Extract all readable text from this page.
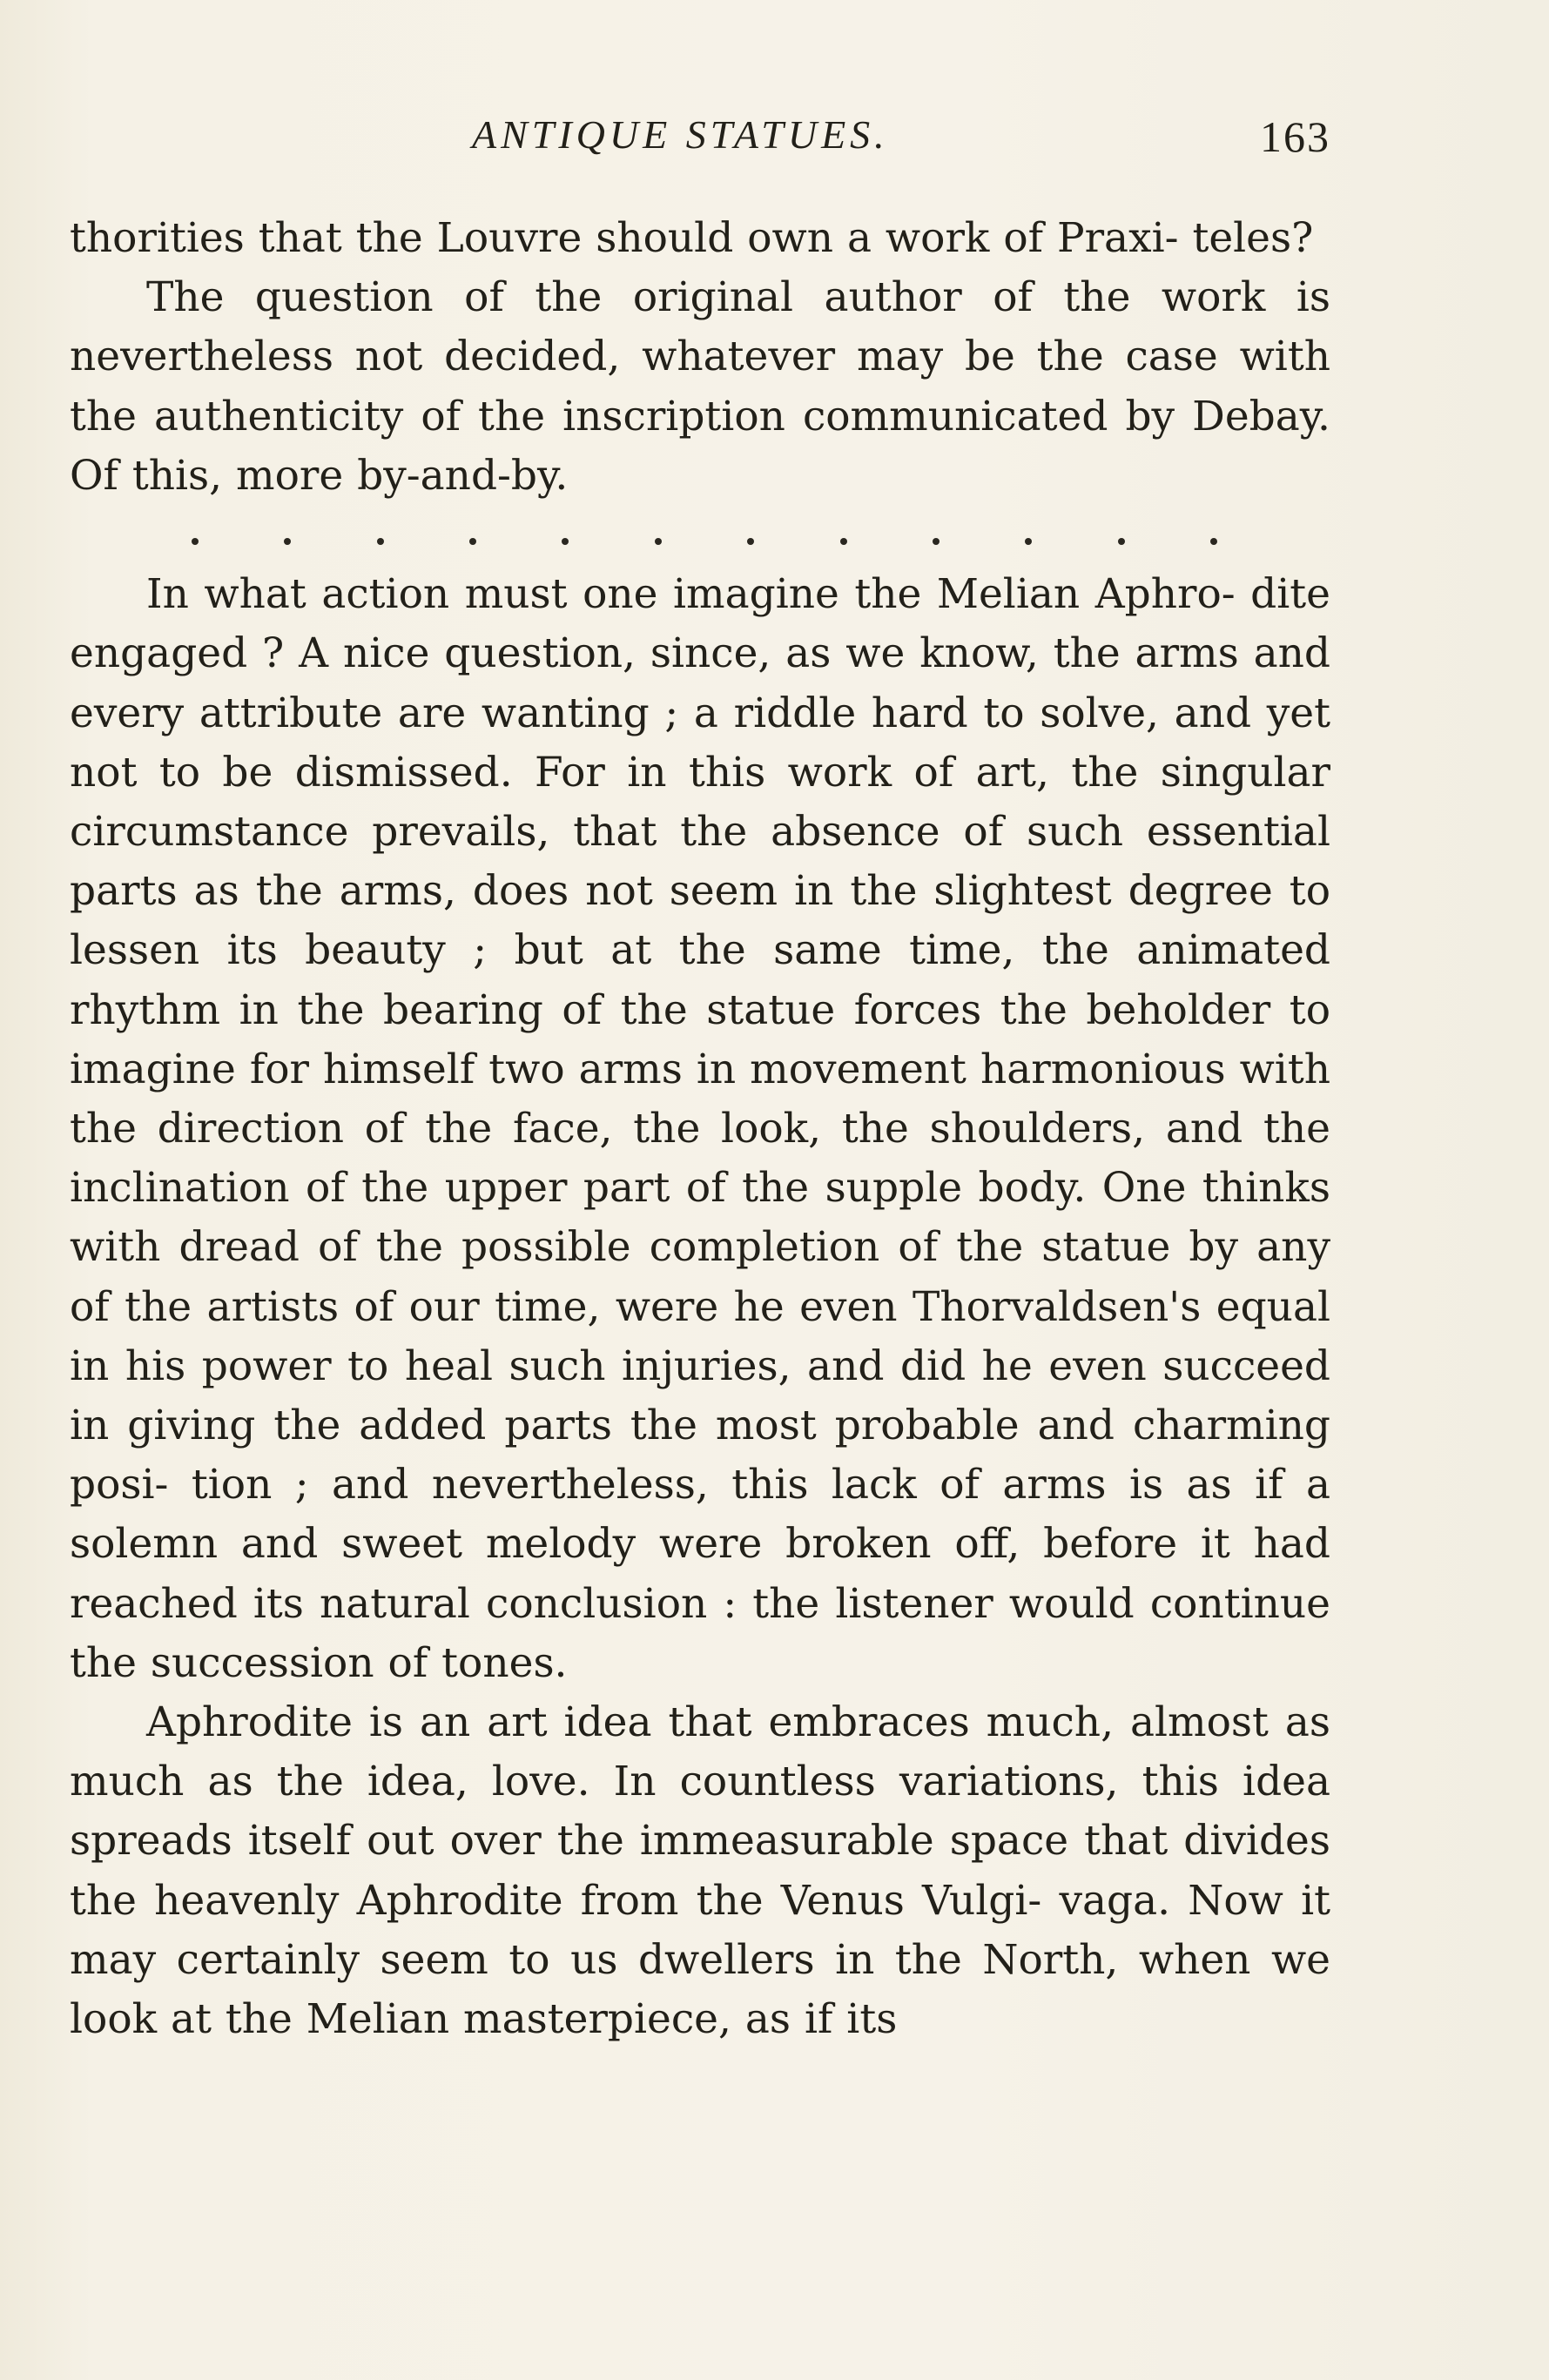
ANTIQUE STATUES.	163

thorities that the Louvre should own a work of Praxi- teles?

The question of the original author of the work is nevertheless not decided, whatever may be the case with the authenticity of the inscription communicated by Debay. Of this, more by-and-by.

In what action must one imagine the Melian Aphro- dite engaged ? A nice question, since, as we know, the arms and every attribute are wanting ; a riddle hard to solve, and yet not to be dismissed. For in this work of art, the singular circumstance prevails, that the absence of such essential parts as the arms, does not seem in the slightest degree to lessen its beauty ; but at the same time, the animated rhythm in the bearing of the statue forces the beholder to imagine for himself two arms in movement harmonious with the direction of the face, the look, the shoulders, and the inclination of the upper part of the supple body. One thinks with dread of the possible completion of the statue by any of the artists of our time, were he even Thorvaldsen's equal in his power to heal such injuries, and did he even succeed in giving the added parts the most probable and charming posi- tion ; and nevertheless, this lack of arms is as if a solemn and sweet melody were broken off, before it had reached its natural conclusion : the listener would continue the succession of tones.

Aphrodite is an art idea that embraces much, almost as much as the idea, love. In countless variations, this idea spreads itself out over the immeasurable space that divides the heavenly Aphrodite from the Venus Vulgi- vaga. Now it may certainly seem to us dwellers in the North, when we look at the Melian masterpiece, as if its
